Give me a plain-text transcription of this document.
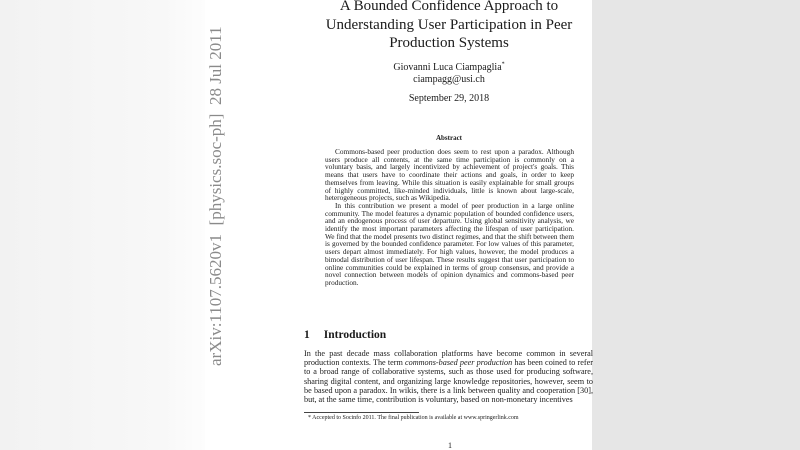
arXiv:1107.5620v1  [physics.soc-ph]  28 Jul 2011
A Bounded Confidence Approach to Understanding User Participation in Peer Production Systems
Giovanni Luca Ciampaglia*
ciampagg@usi.ch
September 29, 2018
Abstract

Commons-based peer production does seem to rest upon a paradox. Although users produce all contents, at the same time participation is commonly on a voluntary basis, and largely incentivized by achievement of project's goals. This means that users have to coordinate their actions and goals, in order to keep themselves from leaving. While this situation is easily explainable for small groups of highly committed, like-minded individuals, little is known about large-scale, heterogeneous projects, such as Wikipedia.

In this contribution we present a model of peer production in a large online community. The model features a dynamic population of bounded confidence users, and an endogenous process of user departure. Using global sensitivity analysis, we identify the most important parameters affecting the lifespan of user participation. We find that the model presents two distinct regimes, and that the shift between them is governed by the bounded confidence parameter. For low values of this parameter, users depart almost immediately. For high values, however, the model produces a bimodal distribution of user lifespan. These results suggest that user participation to online communities could be explained in terms of group consensus, and provide a novel connection between models of opinion dynamics and commons-based peer production.

1 Introduction
In the past decade mass collaboration platforms have become common in several production contexts. The term commons-based peer production has been coined to refer to a broad range of collaborative systems, such as those used for producing software, sharing digital content, and organizing large knowledge repositories, however, seem to be based upon a paradox. In wikis, there is a link between quality and cooperation [30], but, at the same time, contribution is voluntary, based on non-monetary incentives
* Accepted to Socinfo 2011. The final publication is available at www.springerlink.com
1
